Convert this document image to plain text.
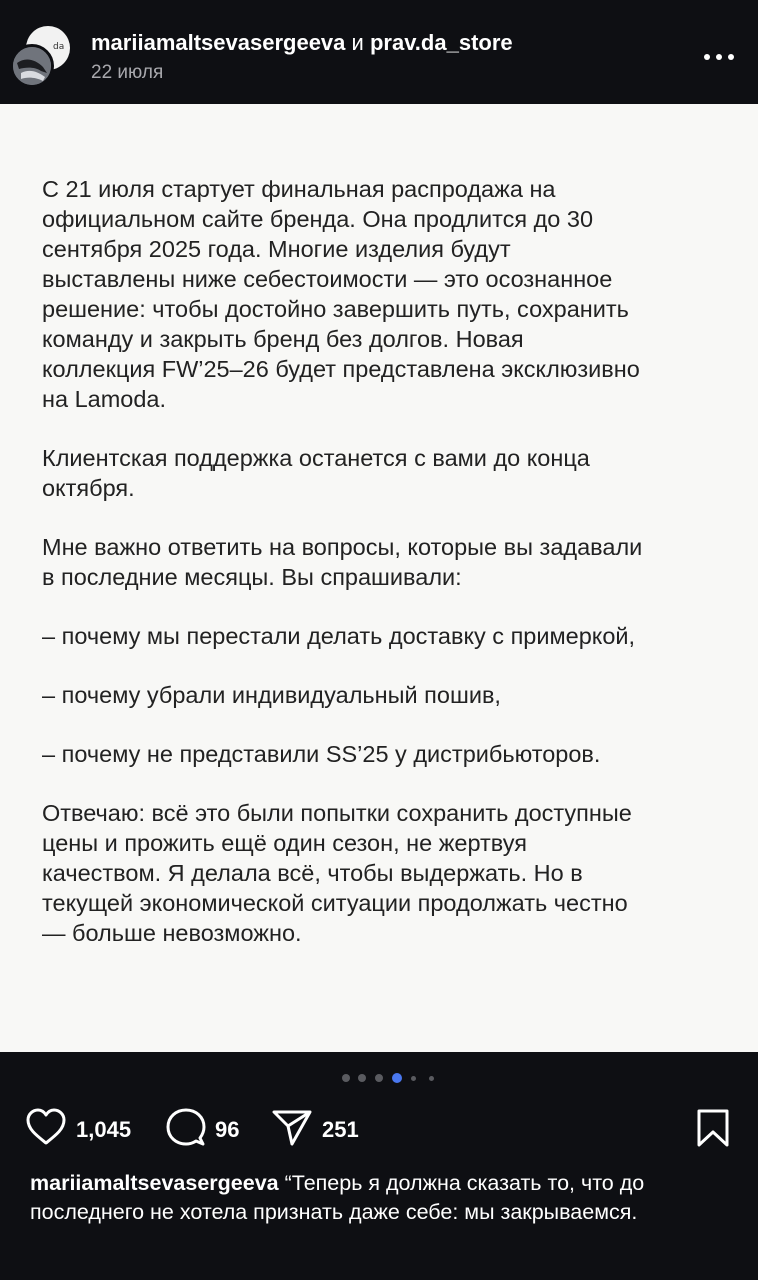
da mariiamaltsevasergeeva и prav.da_store
22 июля

С 21 июля стартует финальная распродажа на
официальном сайте бренда. Она продлится до 30
сентября 2025 года. Многие изделия будут
выставлены ниже себестоимости — это осознанное
решение: чтобы достойно завершить путь, сохранить
команду и закрыть бренд без долгов. Новая
коллекция FW’25–26 будет представлена эксклюзивно
на Lamoda.

Клиентская поддержка останется с вами до конца
октября.

Мне важно ответить на вопросы, которые вы задавали
в последние месяцы. Вы спрашивали:

– почему мы перестали делать доставку с примеркой,

– почему убрали индивидуальный пошив,

– почему не представили SS’25 у дистрибьюторов.

Отвечаю: всё это были попытки сохранить доступные
цены и прожить ещё один сезон, не жертвуя
качеством. Я делала всё, чтобы выдержать. Но в
текущей экономической ситуации продолжать честно
— больше невозможно.

1,045	96	251
mariiamaltsevasergeeva “Теперь я должна сказать то, что до последнего не хотела признать даже себе: мы закрываемся.
